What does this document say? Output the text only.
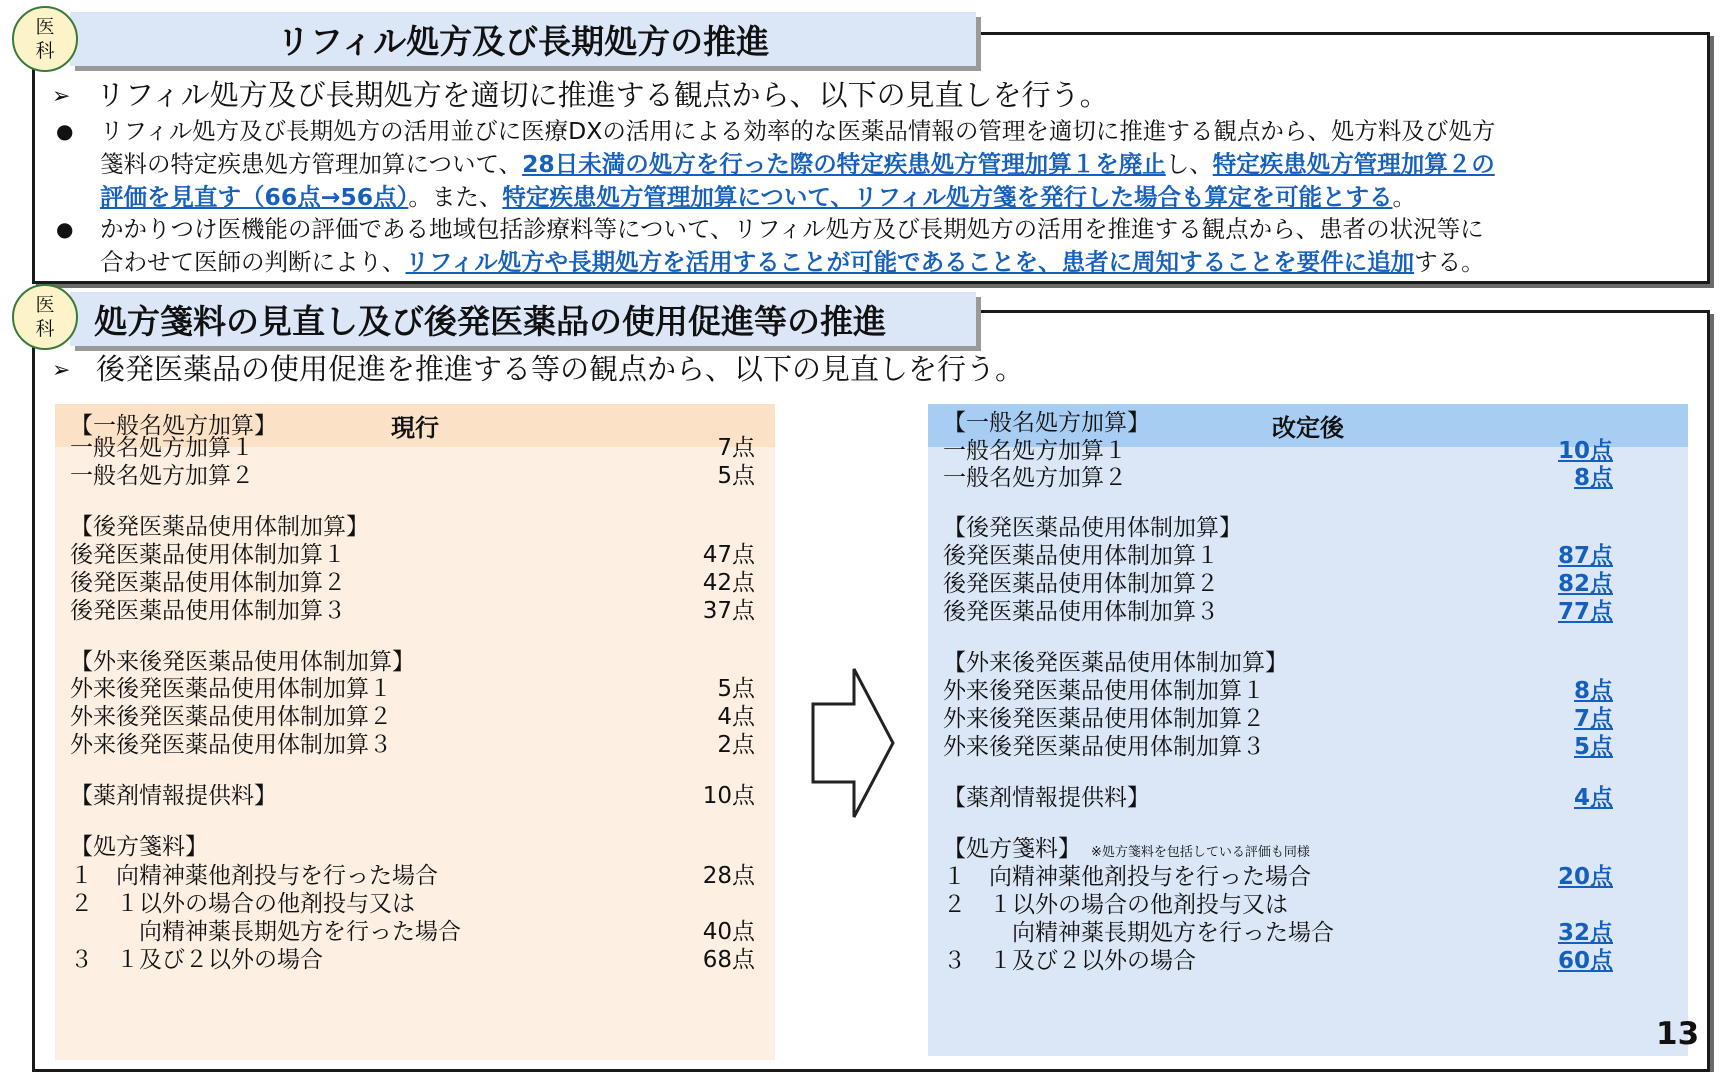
医
科	リフィル処方及び長期処方の推進
➢ リフィル処方及び長期処方を適切に推進する観点から、以下の見直しを行う。
● リフィル処方及び長期処方の活用並びに医療DXの活用による効率的な医薬品情報の管理を適切に推進する観点から、処方料及び処方
箋料の特定疾患処方管理加算について、28日未満の処方を行った際の特定疾患処方管理加算１を廃止し、特定疾患処方管理加算２の
評価を見直す（66点→56点）。また、特定疾患処方管理加算について、リフィル処方箋を発行した場合も算定を可能とする。
● かかりつけ医機能の評価である地域包括診療料等について、リフィル処方及び長期処方の活用を推進する観点から、患者の状況等に
合わせて医師の判断により、リフィル処方や長期処方を活用することが可能であることを、患者に周知することを要件に追加する。
医
科	処方箋料の見直し及び後発医薬品の使用促進等の推進
➢ 後発医薬品の使用促進を推進する等の観点から、以下の見直しを行う。
現行
【一般名処方加算】
一般名処方加算１	7点
一般名処方加算２	5点
【後発医薬品使用体制加算】
後発医薬品使用体制加算１	47点
後発医薬品使用体制加算２	42点
後発医薬品使用体制加算３	37点
【外来後発医薬品使用体制加算】
外来後発医薬品使用体制加算１	5点
外来後発医薬品使用体制加算２	4点
外来後発医薬品使用体制加算３	2点
【薬剤情報提供料】	10点
【処方箋料】
１　向精神薬他剤投与を行った場合	28点
２　１以外の場合の他剤投与又は
　　　向精神薬長期処方を行った場合	40点
３　１及び２以外の場合	68点
改定後
【一般名処方加算】
一般名処方加算１	10点
一般名処方加算２	8点
【後発医薬品使用体制加算】
後発医薬品使用体制加算１	87点
後発医薬品使用体制加算２	82点
後発医薬品使用体制加算３	77点
【外来後発医薬品使用体制加算】
外来後発医薬品使用体制加算１	8点
外来後発医薬品使用体制加算２	7点
外来後発医薬品使用体制加算３	5点
【薬剤情報提供料】	4点
【処方箋料】 ※処方箋料を包括している評価も同様
１　向精神薬他剤投与を行った場合	20点
２　１以外の場合の他剤投与又は
　　　向精神薬長期処方を行った場合	32点
３　１及び２以外の場合	60点
13
